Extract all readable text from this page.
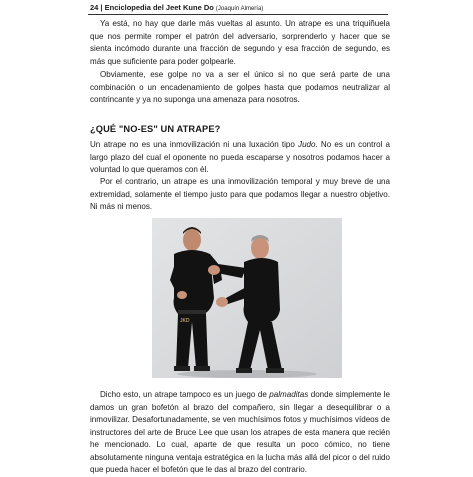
24 | Enciclopedia del Jeet Kune Do (Joaquín Almería)
Ya está, no hay que darle más vueltas al asunto. Un atrape es una triquiñuela que nos permite romper el patrón del adversario, sorprenderlo y hacer que se sienta incómodo durante una fracción de segundo y esa fracción de segundo, es más que suficiente para poder golpearle.
Obviamente, ese golpe no va a ser el único si no que será parte de una combinación o un encadenamiento de golpes hasta que podamos neutralizar al contrincante y ya no suponga una amenaza para nosotros.
¿QUÉ "NO-ES" UN ATRAPE?
Un atrape no es una inmovilización ni una luxación tipo Judo. No es un control a largo plazo del cual el oponente no pueda escaparse y nosotros podamos hacer a voluntad lo que queramos con él.
Por el contrario, un atrape es una inmovilización temporal y muy breve de una extremidad, solamente el tiempo justo para que podamos llegar a nuestro objetivo. Ni más ni menos.
JKD
Dicho esto, un atrape tampoco es un juego de palmaditas donde simplemente le damos un gran bofetón al brazo del compañero, sin llegar a desequilibrar o a inmovilizar. Desafortunadamente, se ven muchísimos fotos y muchísimos vídeos de instructores del arte de Bruce Lee que usan los atrapes de esta manera que recién he mencionado. Lo cual, aparte de que resulta un poco cómico, no tiene absolutamente ninguna ventaja estratégica en la lucha más allá del picor o del ruido que pueda hacer el bofetón que le das al brazo del contrario.
